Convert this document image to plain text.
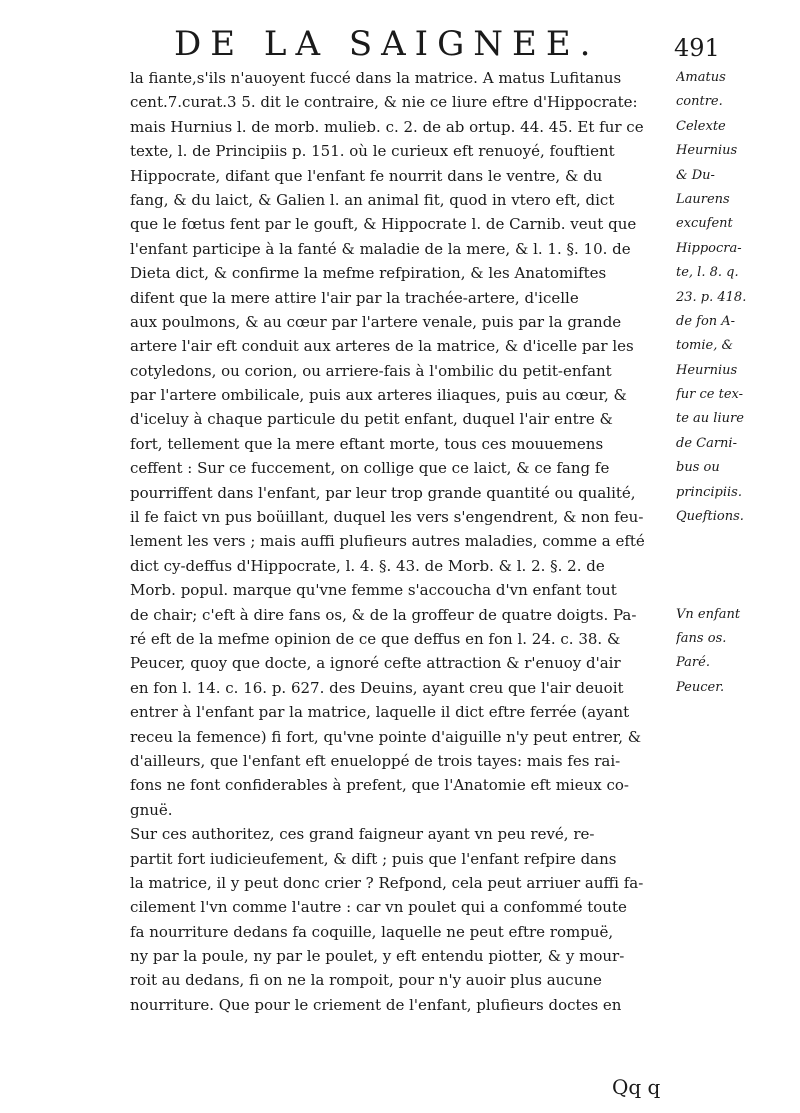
DE LA SAIGNEE.	491
la fiante,s'ils n'auoyent fuccé dans la matrice. A matus Lufitanus
cent.7.curat.3 5. dit le contraire, & nie ce liure eftre d'Hippocrate:
mais Hurnius l. de morb. mulieb. c. 2. de ab ortup. 44. 45. Et fur ce
texte, l. de Principiis p. 151. où le curieux eft renuoyé, fouftient
Hippocrate, difant que l'enfant fe nourrit dans le ventre, & du
fang, & du laict, & Galien l. an animal fit, quod in vtero eft, dict
que le fœtus fent par le gouft, & Hippocrate l. de Carnib. veut que
l'enfant participe à la fanté & maladie de la mere, & l. 1. §. 10. de
Dieta dict, & confirme la mefme refpiration, & les Anatomiftes
difent que la mere attire l'air par la trachée-artere, d'icelle
aux poulmons, & au cœur par l'artere venale, puis par la grande
artere l'air eft conduit aux arteres de la matrice, & d'icelle par les
cotyledons, ou corion, ou arriere-fais à l'ombilic du petit-enfant
par l'artere ombilicale, puis aux arteres iliaques, puis au cœur, &
d'iceluy à chaque particule du petit enfant, duquel l'air entre &
fort, tellement que la mere eftant morte, tous ces mouuemens
ceffent : Sur ce fuccement, on collige que ce laict, & ce fang fe
pourriffent dans l'enfant, par leur trop grande quantité ou qualité,
il fe faict vn pus boüillant, duquel les vers s'engendrent, & non feu-
lement les vers ; mais auffi plufieurs autres maladies, comme a efté
dict cy-deffus d'Hippocrate, l. 4. §. 43. de Morb. & l. 2. §. 2. de
Morb. popul. marque qu'vne femme s'accoucha d'vn enfant tout
de chair; c'eft à dire fans os, & de la groffeur de quatre doigts. Pa-
ré eft de la mefme opinion de ce que deffus en fon l. 24. c. 38. &
Peucer, quoy que docte, a ignoré cefte attraction & r'enuoy d'air
en fon l. 14. c. 16. p. 627. des Deuins, ayant creu que l'air deuoit
entrer à l'enfant par la matrice, laquelle il dict eftre ferrée (ayant
receu la femence) fi fort, qu'vne pointe d'aiguille n'y peut entrer, &
d'ailleurs, que l'enfant eft enueloppé de trois tayes: mais fes rai-
fons ne font confiderables à prefent, que l'Anatomie eft mieux co-
gnuë.
Sur ces authoritez, ces grand faigneur ayant vn peu revé, re-
partit fort iudicieufement, & dift ; puis que l'enfant refpire dans
la matrice, il y peut donc crier ? Refpond, cela peut arriuer auffi fa-
cilement l'vn comme l'autre : car vn poulet qui a confommé toute
fa nourriture dedans fa coquille, laquelle ne peut eftre rompuë,
ny par la poule, ny par le poulet, y eft entendu piotter, & y mour-
roit au dedans, fi on ne la rompoit, pour n'y auoir plus aucune
nourriture. Que pour le criement de l'enfant, plufieurs doctes en
Amatus
contre.
Celexte
Heurnius
& Du-
Laurens
excufent
Hippocra-
te, l. 8. q.
23. p. 418.
de fon A-
tomie, &
Heurnius
fur ce tex-
te au liure
de Carni-
bus ou
principiis.
Queftions.
Vn enfant
fans os.
Paré.
Peucer.
Qq q
